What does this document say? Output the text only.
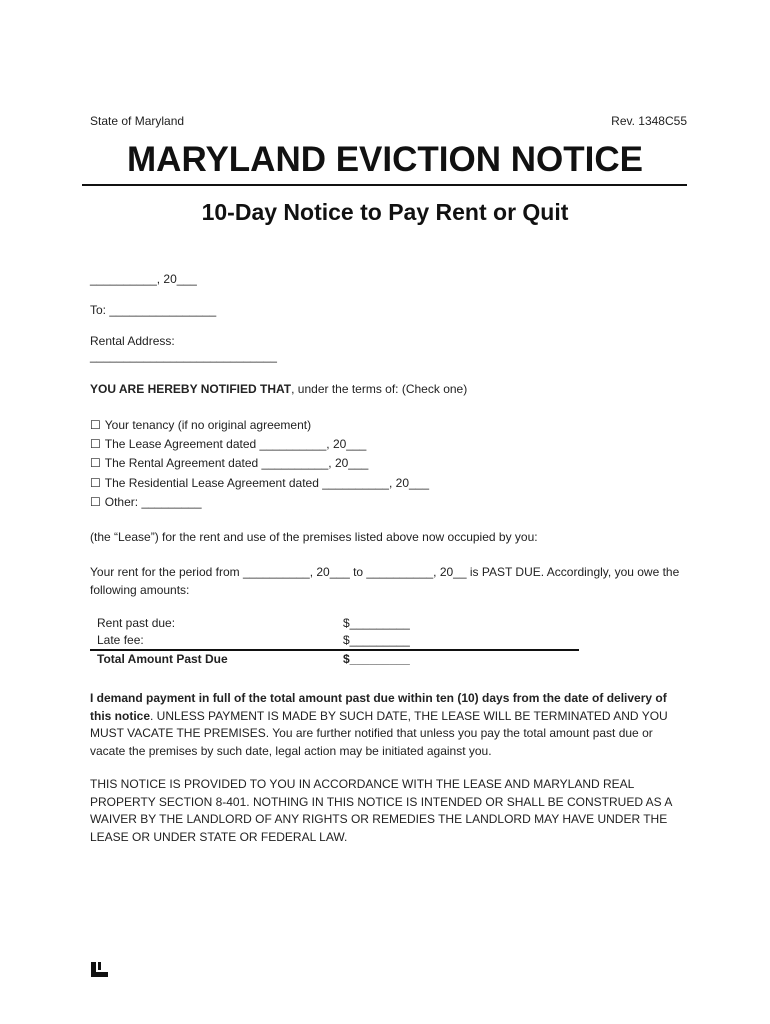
State of Maryland	Rev. 1348C55
MARYLAND EVICTION NOTICE
10-Day Notice to Pay Rent or Quit
__________, 20___
To: ________________
Rental Address:
____________________________
YOU ARE HEREBY NOTIFIED THAT, under the terms of: (Check one)
☐ Your tenancy (if no original agreement)
☐ The Lease Agreement dated __________, 20___
☐ The Rental Agreement dated __________, 20___
☐ The Residential Lease Agreement dated __________, 20___
☐ Other: _________
(the “Lease”) for the rent and use of the premises listed above now occupied by you:
Your rent for the period from __________, 20___ to __________, 20__ is PAST DUE. Accordingly, you owe the following amounts:
Rent past due:	$_________
Late fee:	$_________
Total Amount Past Due	$_________
I demand payment in full of the total amount past due within ten (10) days from the date of delivery of this notice. UNLESS PAYMENT IS MADE BY SUCH DATE, THE LEASE WILL BE TERMINATED AND YOU MUST VACATE THE PREMISES. You are further notified that unless you pay the total amount past due or vacate the premises by such date, legal action may be initiated against you.
THIS NOTICE IS PROVIDED TO YOU IN ACCORDANCE WITH THE LEASE AND MARYLAND REAL PROPERTY SECTION 8-401. NOTHING IN THIS NOTICE IS INTENDED OR SHALL BE CONSTRUED AS A WAIVER BY THE LANDLORD OF ANY RIGHTS OR REMEDIES THE LANDLORD MAY HAVE UNDER THE LEASE OR UNDER STATE OR FEDERAL LAW.
